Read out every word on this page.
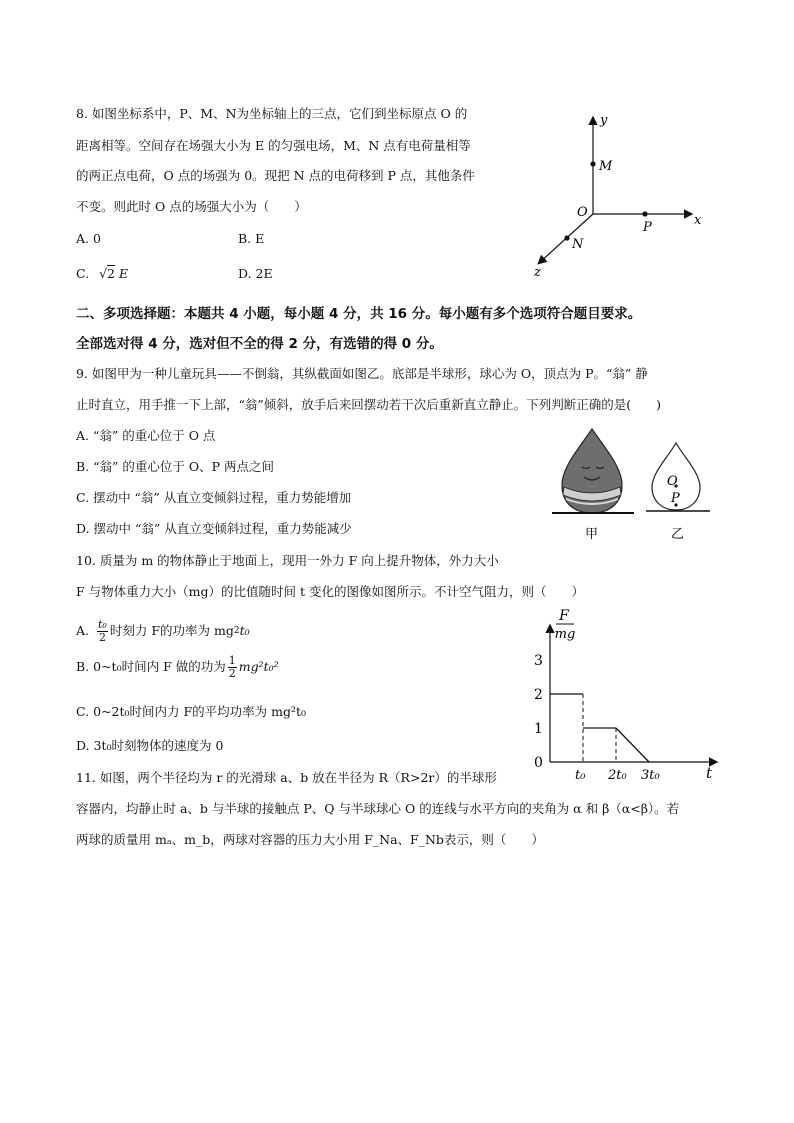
8. 如图坐标系中，P、M、N为坐标轴上的三点，它们到坐标原点 O 的
距离相等。空间存在场强大小为 E 的匀强电场，M、N 点有电荷量相等
的两正点电荷，O 点的场强为 0。现把 N 点的电荷移到 P 点，其他条件
不变。则此时 O 点的场强大小为（　　）
A. 0	B. E
C. √2 E	D. 2E
y
M
O
P	x
N
z
二、多项选择题：本题共 4 小题，每小题 4 分，共 16 分。每小题有多个选项符合题目要求。
全部选对得 4 分，选对但不全的得 2 分，有选错的得 0 分。
9. 如图甲为一种儿童玩具——不倒翁，其纵截面如图乙。底部是半球形，球心为 O，顶点为 P。“翁” 静
止时直立，用手推一下上部，“翁”倾斜，放手后来回摆动若干次后重新直立静止。下列判断正确的是(　　)
A. “翁” 的重心位于 O 点
B. “翁” 的重心位于 O、P 两点之间
C. 摆动中 “翁” 从直立变倾斜过程，重力势能增加
D. 摆动中 “翁” 从直立变倾斜过程，重力势能减少
O
P
甲	乙
10. 质量为 m 的物体静止于地面上，现用一外力 F 向上提升物体，外力大小
F 与物体重力大小（mg）的比值随时间 t 变化的图像如图所示。不计空气阻力，则（　　）
A. $\frac{\text{t₀}}{2}$ 时刻力 F的功率为 mg 2 t₀
B. 0~t₀时间内 F 做的功为 $\frac{1}{2} mg^2t_0^2$
C. 0~2t₀时间内力 F的平均功率为 mg²t₀
D. 3t₀时刻物体的速度为 0
F
mg
t
0
1
2
3
t₀ 2t₀ 3t₀
11. 如图，两个半径均为 r 的光滑球 a、b 放在半径为 R（R>2r）的半球形
容器内，均静止时 a、b 与半球的接触点 P、Q 与半球球心 O 的连线与水平方向的夹角为 α 和 β（α<β）。若
两球的质量用 mₐ、m_b，两球对容器的压力大小用 F_Na、F_Nb表示，则（　　）
